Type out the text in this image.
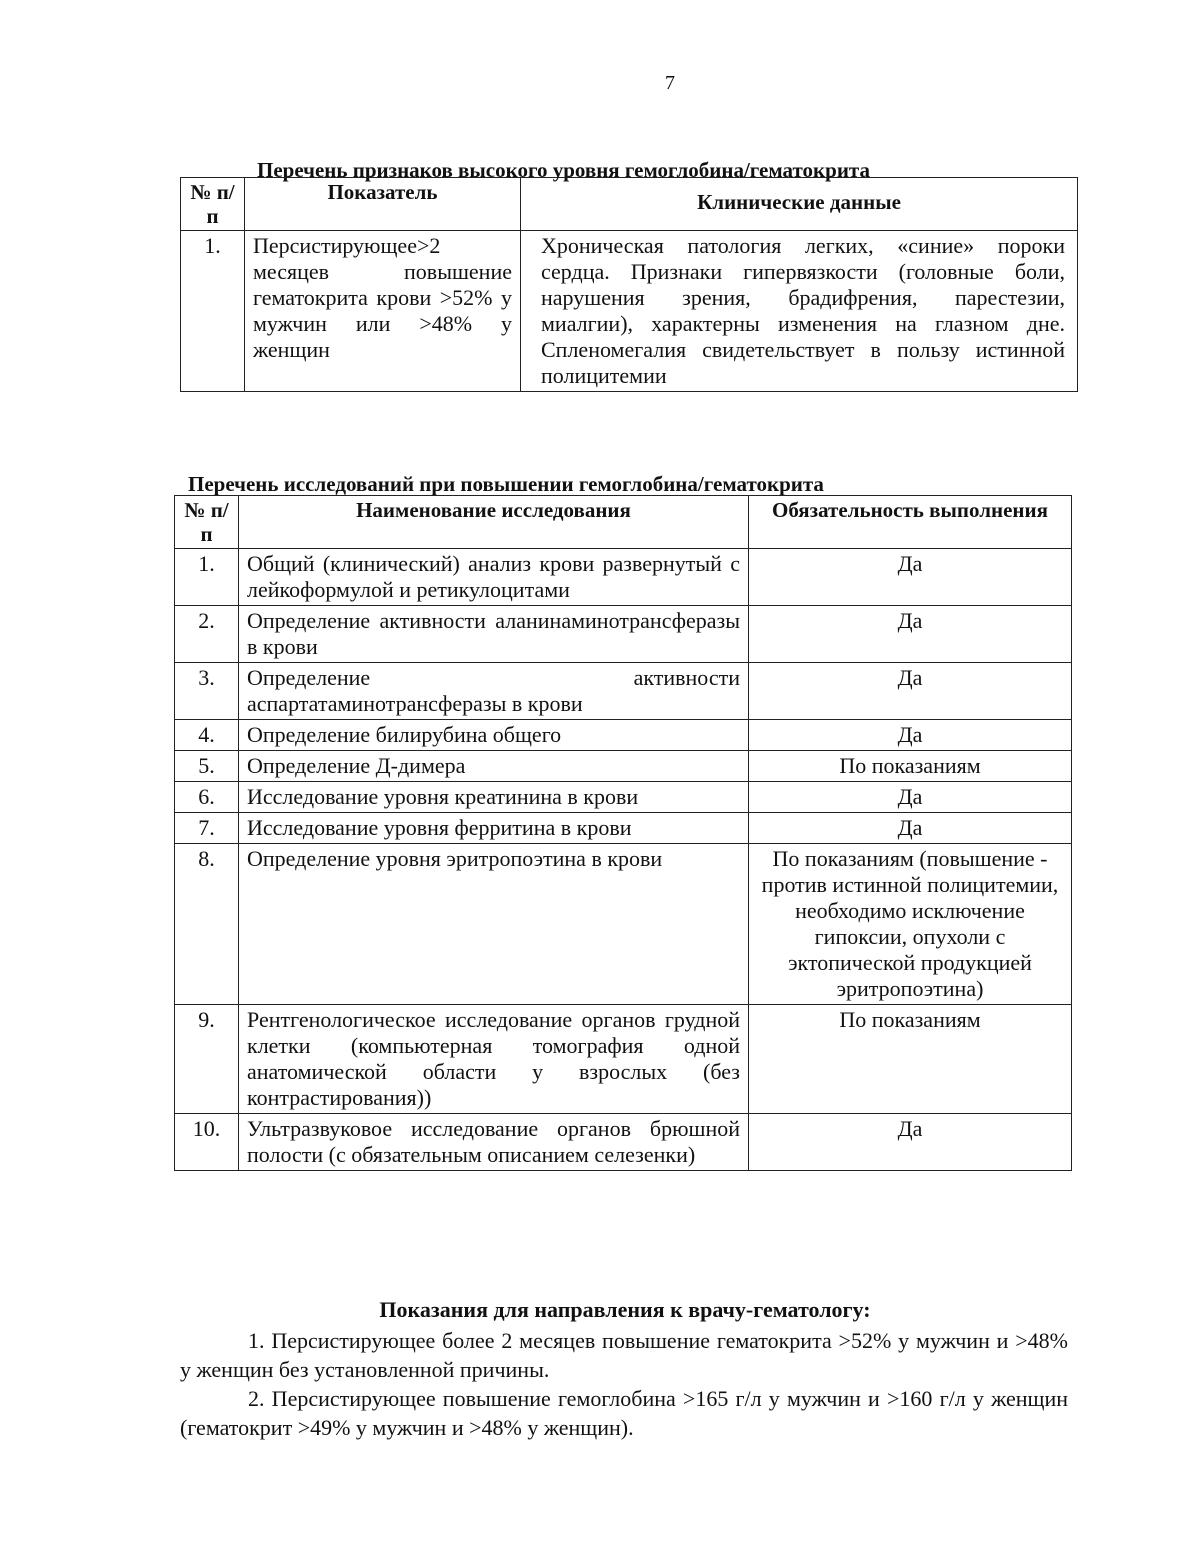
7
Перечень признаков высокого уровня гемоглобина/гематокрита
№ п/п	Показатель	Клинические данные
1.	Персистирующее>2 месяцев повышение гематокрита крови >52% у мужчин или >48% у женщин	Хроническая патология легких, «синие» пороки сердца. Признаки гипервязкости (головные боли, нарушения зрения, брадифрения, парестезии, миалгии), характерны изменения на глазном дне. Спленомегалия свидетельствует в пользу истинной полицитемии
Перечень исследований при повышении гемоглобина/гематокрита
№ п/п	Наименование исследования	Обязательность выполнения
1.	Общий (клинический) анализ крови развернутый с лейкоформулой и ретикулоцитами	Да
2.	Определение активности аланинаминотрансферазы в крови	Да
3.	Определение активности аспартатаминотрансферазы в крови	Да
4.	Определение билирубина общего	Да
5.	Определение Д-димера	По показаниям
6.	Исследование уровня креатинина в крови	Да
7.	Исследование уровня ферритина в крови	Да
8.	Определение уровня эритропоэтина в крови	По показаниям (повышение - против истинной полицитемии, необходимо исключение гипоксии, опухоли с эктопической продукцией эритропоэтина)
9.	Рентгенологическое исследование органов грудной клетки (компьютерная томография одной анатомической области у взрослых (без контрастирования))	По показаниям
10.	Ультразвуковое исследование органов брюшной полости (с обязательным описанием селезенки)	Да
Показания для направления к врачу-гематологу:
1. Персистирующее более 2 месяцев повышение гематокрита >52% у мужчин и >48% у женщин без установленной причины.
2. Персистирующее повышение гемоглобина >165 г/л у мужчин и >160 г/л у женщин (гематокрит >49% у мужчин и >48% у женщин).
